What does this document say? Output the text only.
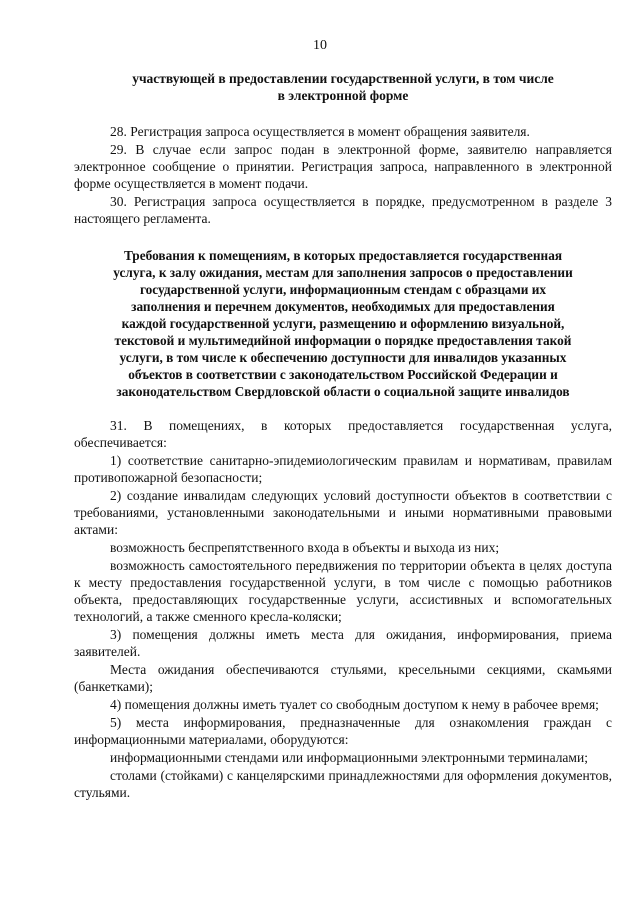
10
участвующей в предоставлении государственной услуги, в том числе
в электронной форме

28. Регистрация запроса осуществляется в момент обращения заявителя.

29. В случае если запрос подан в электронной форме, заявителю направляется электронное сообщение о принятии. Регистрация запроса, направленного в электронной форме осуществляется в момент подачи.

30. Регистрация запроса осуществляется в порядке, предусмотренном в разделе 3 настоящего регламента.

Требования к помещениям, в которых предоставляется государственная
услуга, к залу ожидания, местам для заполнения запросов о предоставлении
государственной услуги, информационным стендам с образцами их
заполнения и перечнем документов, необходимых для предоставления
каждой государственной услуги, размещению и оформлению визуальной,
текстовой и мультимедийной информации о порядке предоставления такой
услуги, в том числе к обеспечению доступности для инвалидов указанных
объектов в соответствии с законодательством Российской Федерации и
законодательством Свердловской области о социальной защите инвалидов

31. В помещениях, в которых предоставляется государственная услуга, обеспечивается:

1) соответствие санитарно-эпидемиологическим правилам и нормативам, правилам противопожарной безопасности;

2) создание инвалидам следующих условий доступности объектов в соответствии с требованиями, установленными законодательными и иными нормативными правовыми актами:

возможность беспрепятственного входа в объекты и выхода из них;

возможность самостоятельного передвижения по территории объекта в целях доступа к месту предоставления государственной услуги, в том числе с помощью работников объекта, предоставляющих государственные услуги, ассистивных и вспомогательных технологий, а также сменного кресла-коляски;

3) помещения должны иметь места для ожидания, информирования, приема заявителей.

Места ожидания обеспечиваются стульями, кресельными секциями, скамьями (банкетками);

4) помещения должны иметь туалет со свободным доступом к нему в рабочее время;

5) места информирования, предназначенные для ознакомления граждан с информационными материалами, оборудуются:

информационными стендами или информационными электронными терминалами;

столами (стойками) с канцелярскими принадлежностями для оформления документов, стульями.
